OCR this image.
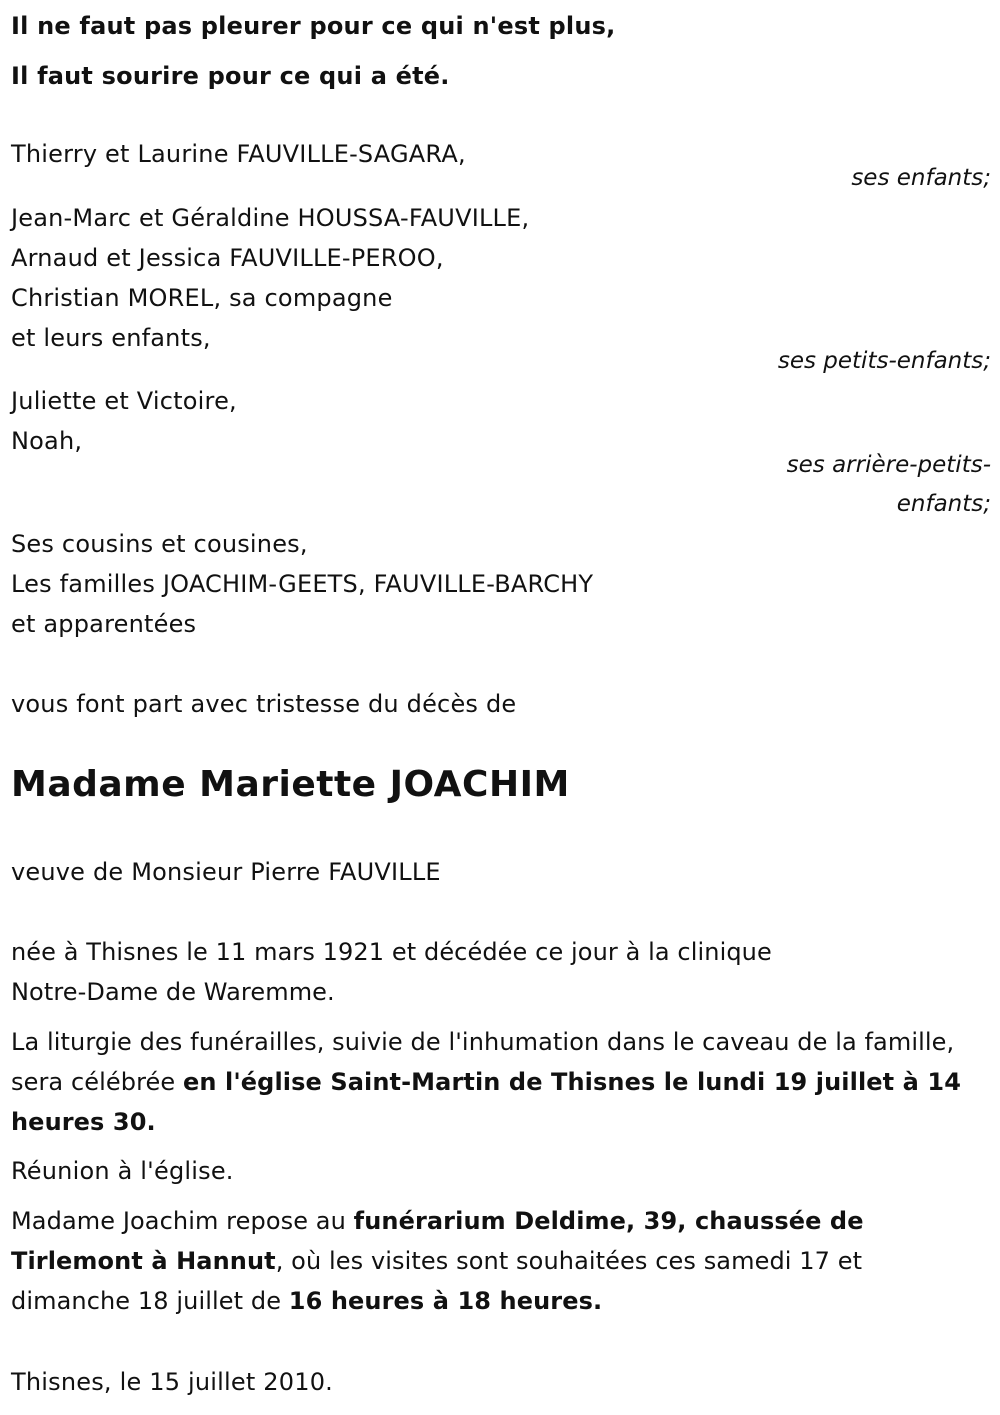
Il ne faut pas pleurer pour ce qui n'est plus,
Il faut sourire pour ce qui a été.
Thierry et Laurine FAUVILLE-SAGARA,
ses enfants;
Jean-Marc et Géraldine HOUSSA-FAUVILLE,
Arnaud et Jessica FAUVILLE-PEROO,
Christian MOREL, sa compagne
et leurs enfants,
ses petits-enfants;
Juliette et Victoire,
Noah,
ses arrière-petits-
enfants;
Ses cousins et cousines,
Les familles JOACHIM-GEETS, FAUVILLE-BARCHY
et apparentées
vous font part avec tristesse du décès de
Madame Mariette JOACHIM
veuve de Monsieur Pierre FAUVILLE
née à Thisnes le 11 mars 1921 et décédée ce jour à la clinique Notre-Dame de Waremme.
La liturgie des funérailles, suivie de l'inhumation dans le caveau de la famille, sera célébrée en l'église Saint-Martin de Thisnes le lundi 19 juillet à 14 heures 30.
Réunion à l'église.
Madame Joachim repose au funérarium Deldime, 39, chaussée de Tirlemont à Hannut, où les visites sont souhaitées ces samedi 17 et dimanche 18 juillet de 16 heures à 18 heures.
Thisnes, le 15 juillet 2010.
